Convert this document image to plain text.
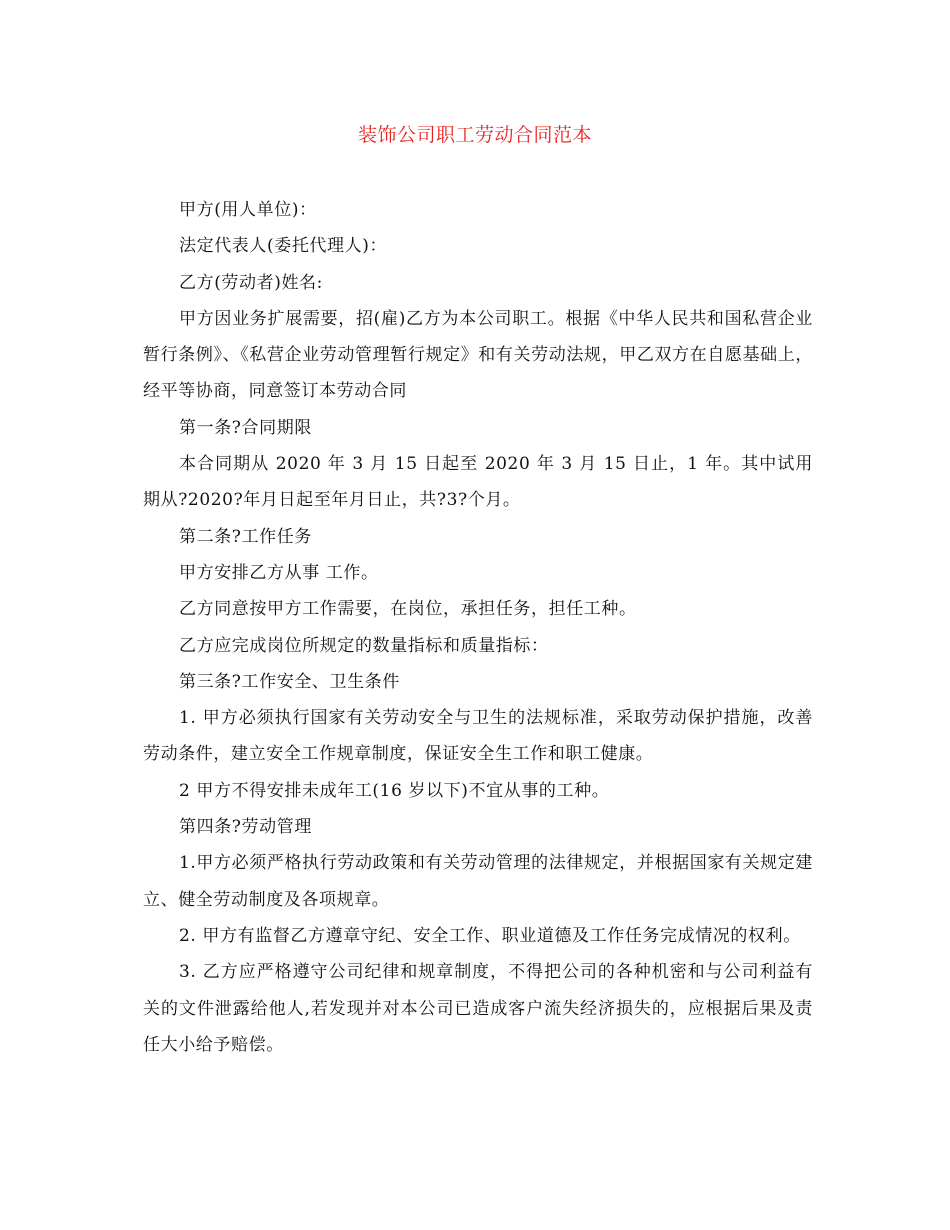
装饰公司职工劳动合同范本

甲方(用人单位)：

法定代表人(委托代理人)：

乙方(劳动者)姓名:

甲方因业务扩展需要，招(雇)乙方为本公司职工。根据《中华人民共和国私营企业暂行条例》、《私营企业劳动管理暂行规定》和有关劳动法规，甲乙双方在自愿基础上，经平等协商，同意签订本劳动合同

第一条?合同期限

本合同期从 2020 年 3 月 15 日起至 2020 年 3 月 15 日止，1 年。其中试用期从?2020?年月日起至年月日止，共?3?个月。

第二条?工作任务

甲方安排乙方从事 工作。

乙方同意按甲方工作需要，在岗位，承担任务，担任工种。

乙方应完成岗位所规定的数量指标和质量指标：

第三条?工作安全、卫生条件

1. 甲方必须执行国家有关劳动安全与卫生的法规标准，采取劳动保护措施，改善劳动条件，建立安全工作规章制度，保证安全生工作和职工健康。

2 甲方不得安排未成年工(16 岁以下)不宜从事的工种。

第四条?劳动管理

1.甲方必须严格执行劳动政策和有关劳动管理的法律规定，并根据国家有关规定建立、健全劳动制度及各项规章。

2. 甲方有监督乙方遵章守纪、安全工作、职业道德及工作任务完成情况的权利。

3. 乙方应严格遵守公司纪律和规章制度，不得把公司的各种机密和与公司利益有关的文件泄露给他人,若发现并对本公司已造成客户流失经济损失的，应根据后果及责任大小给予赔偿。
